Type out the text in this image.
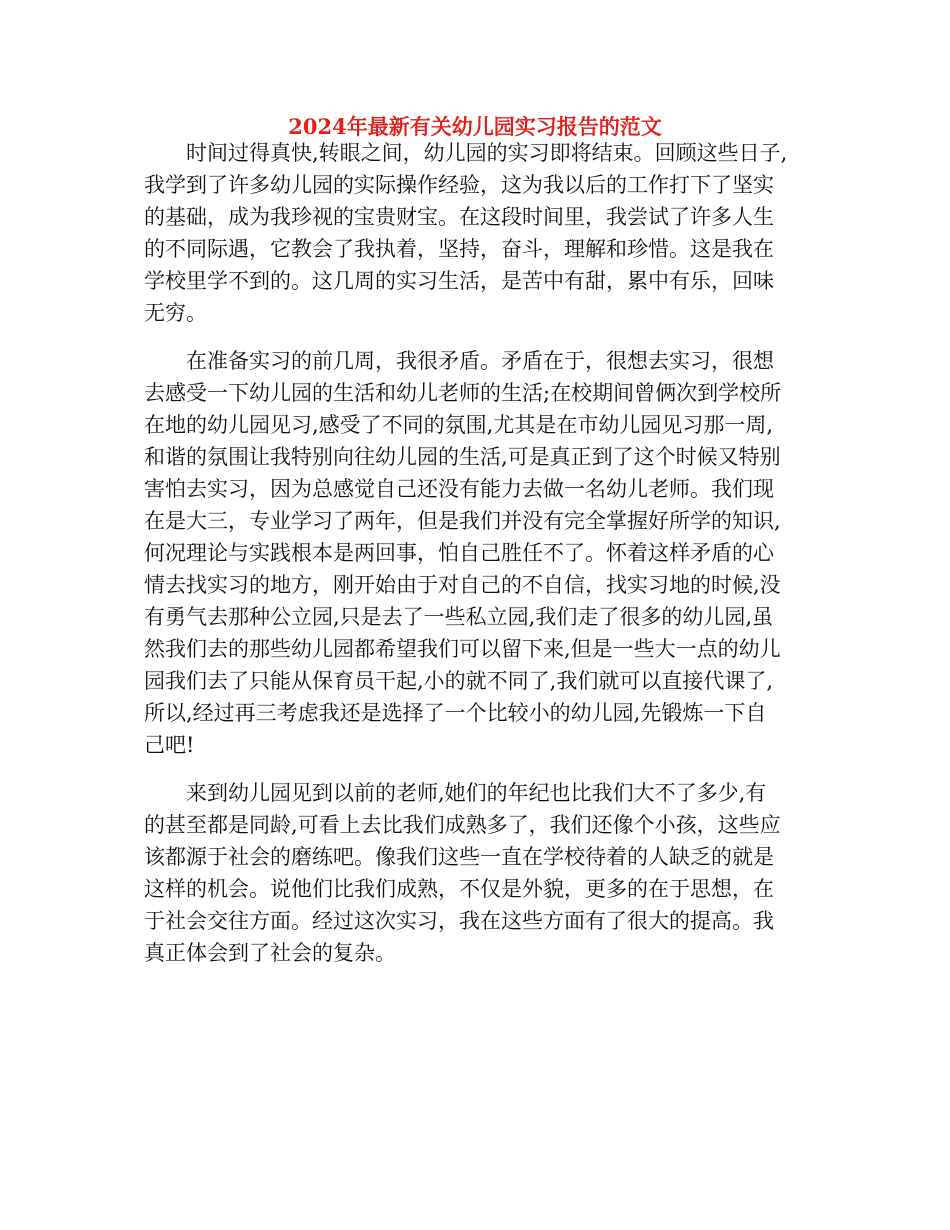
2024年最新有关幼儿园实习报告的范文
时间过得真快,转眼之间，幼儿园的实习即将结束。回顾这些日子,
我学到了许多幼儿园的实际操作经验，这为我以后的工作打下了坚实
的基础，成为我珍视的宝贵财宝。在这段时间里，我尝试了许多人生
的不同际遇，它教会了我执着，坚持，奋斗，理解和珍惜。这是我在
学校里学不到的。这几周的实习生活，是苦中有甜，累中有乐，回味
无穷。
在准备实习的前几周，我很矛盾。矛盾在于，很想去实习，很想
去感受一下幼儿园的生活和幼儿老师的生活;在校期间曾俩次到学校所
在地的幼儿园见习,感受了不同的氛围,尤其是在市幼儿园见习那一周,
和谐的氛围让我特别向往幼儿园的生活,可是真正到了这个时候又特别
害怕去实习，因为总感觉自己还没有能力去做一名幼儿老师。我们现
在是大三，专业学习了两年，但是我们并没有完全掌握好所学的知识,
何况理论与实践根本是两回事，怕自己胜任不了。怀着这样矛盾的心
情去找实习的地方，刚开始由于对自己的不自信，找实习地的时候,没
有勇气去那种公立园,只是去了一些私立园,我们走了很多的幼儿园,虽
然我们去的那些幼儿园都希望我们可以留下来,但是一些大一点的幼儿
园我们去了只能从保育员干起,小的就不同了,我们就可以直接代课了,
所以,经过再三考虑我还是选择了一个比较小的幼儿园,先锻炼一下自
己吧!
来到幼儿园见到以前的老师,她们的年纪也比我们大不了多少,有
的甚至都是同龄,可看上去比我们成熟多了，我们还像个小孩，这些应
该都源于社会的磨练吧。像我们这些一直在学校待着的人缺乏的就是
这样的机会。说他们比我们成熟，不仅是外貌，更多的在于思想，在
于社会交往方面。经过这次实习，我在这些方面有了很大的提高。我
真正体会到了社会的复杂。
